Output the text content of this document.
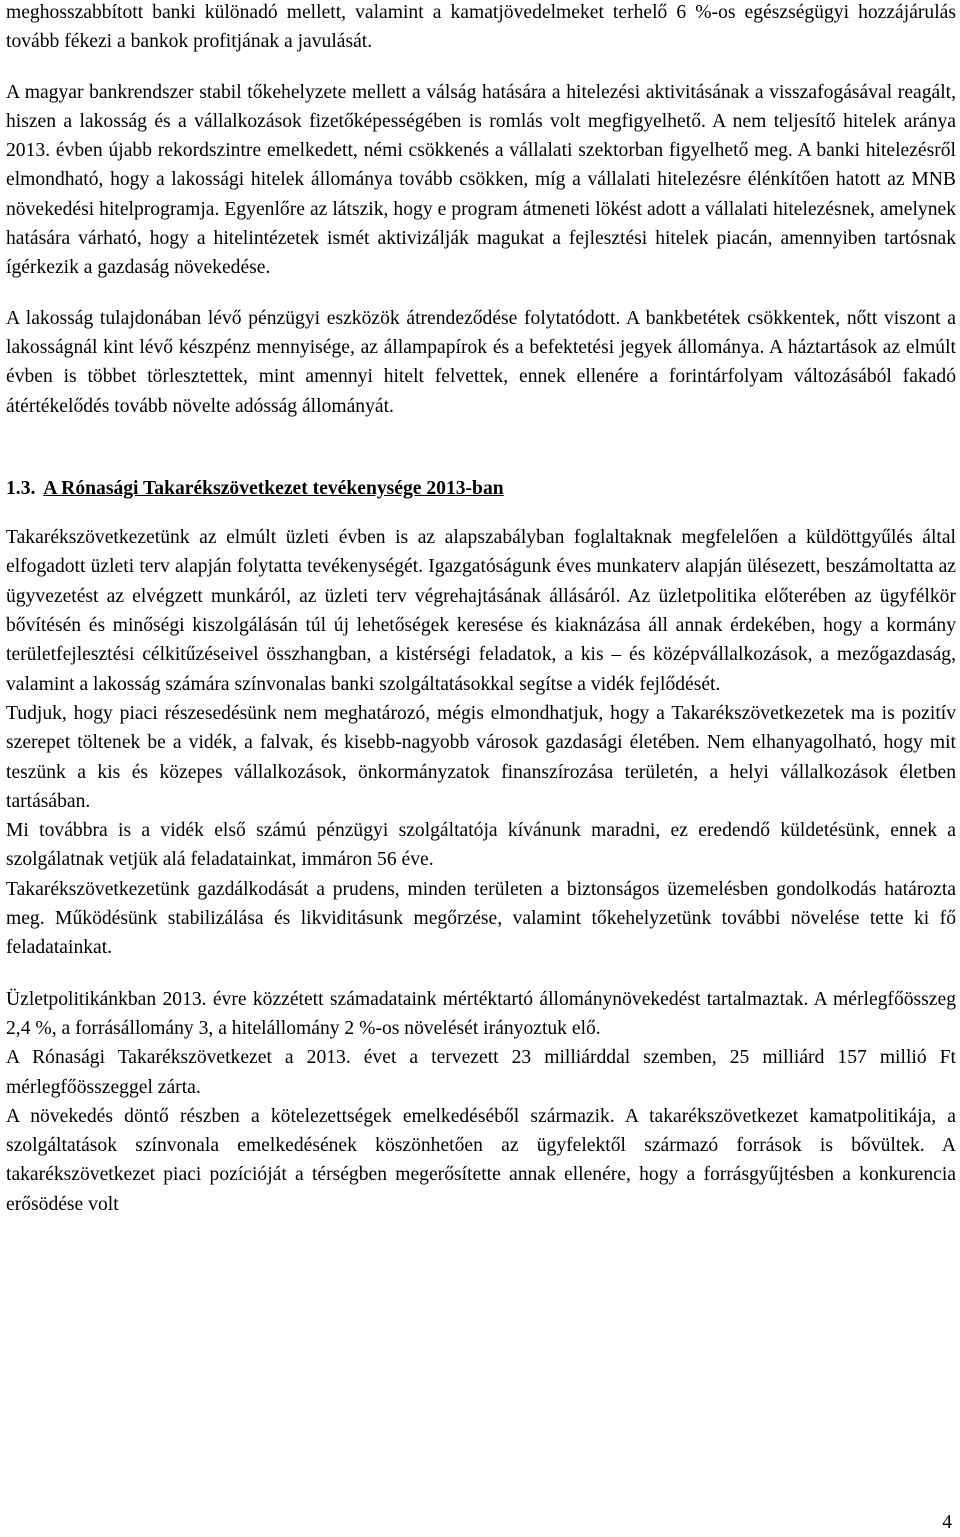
meghosszabbított banki különadó mellett, valamint a kamatjövedelmeket terhelő 6 %-os egészségügyi hozzájárulás tovább fékezi a bankok profitjának a javulását.

A magyar bankrendszer stabil tőkehelyzete mellett a válság hatására a hitelezési aktivitásának a visszafogásával reagált, hiszen a lakosság és a vállalkozások fizetőképességében is romlás volt megfigyelhető. A nem teljesítő hitelek aránya 2013. évben újabb rekordszintre emelkedett, némi csökkenés a vállalati szektorban figyelhető meg. A banki hitelezésről elmondható, hogy a lakossági hitelek állománya tovább csökken, míg a vállalati hitelezésre élénkítően hatott az MNB növekedési hitelprogramja. Egyenlőre az látszik, hogy e program átmeneti lökést adott a vállalati hitelezésnek, amelynek hatására várható, hogy a hitelintézetek ismét aktivizálják magukat a fejlesztési hitelek piacán, amennyiben tartósnak ígérkezik a gazdaság növekedése.

A lakosság tulajdonában lévő pénzügyi eszközök átrendeződése folytatódott. A bankbetétek csökkentek, nőtt viszont a lakosságnál kint lévő készpénz mennyisége, az állampapírok és a befektetési jegyek állománya. A háztartások az elmúlt évben is többet törlesztettek, mint amennyi hitelt felvettek, ennek ellenére a forintárfolyam változásából fakadó átértékelődés tovább növelte adósság állományát.

1.3. A Rónasági Takarékszövetkezet tevékenysége 2013-ban

Takarékszövetkezetünk az elmúlt üzleti évben is az alapszabályban foglaltaknak megfelelően a küldöttgyűlés által elfogadott üzleti terv alapján folytatta tevékenységét. Igazgatóságunk éves munkaterv alapján ülésezett, beszámoltatta az ügyvezetést az elvégzett munkáról, az üzleti terv végrehajtásának állásáról. Az üzletpolitika előterében az ügyfélkör bővítésén és minőségi kiszolgálásán túl új lehetőségek keresése és kiaknázása áll annak érdekében, hogy a kormány területfejlesztési célkitűzéseivel összhangban, a kistérségi feladatok, a kis – és középvállalkozások, a mezőgazdaság, valamint a lakosság számára színvonalas banki szolgáltatásokkal segítse a vidék fejlődését.

Tudjuk, hogy piaci részesedésünk nem meghatározó, mégis elmondhatjuk, hogy a Takarékszövetkezetek ma is pozitív szerepet töltenek be a vidék, a falvak, és kisebb-nagyobb városok gazdasági életében. Nem elhanyagolható, hogy mit teszünk a kis és közepes vállalkozások, önkormányzatok finanszírozása területén, a helyi vállalkozások életben tartásában.

Mi továbbra is a vidék első számú pénzügyi szolgáltatója kívánunk maradni, ez eredendő küldetésünk, ennek a szolgálatnak vetjük alá feladatainkat, immáron 56 éve.

Takarékszövetkezetünk gazdálkodását a prudens, minden területen a biztonságos üzemelésben gondolkodás határozta meg. Működésünk stabilizálása és likviditásunk megőrzése, valamint tőkehelyzetünk további növelése tette ki fő feladatainkat.

Üzletpolitikánkban 2013. évre közzétett számadataink mértéktartó állománynövekedést tartalmaztak. A mérlegfőösszeg 2,4 %, a forrásállomány 3, a hitelállomány 2 %-os növelését irányoztuk elő.

A Rónasági Takarékszövetkezet a 2013. évet a tervezett 23 milliárddal szemben, 25 milliárd 157 millió Ft mérlegfőösszeggel zárta.

A növekedés döntő részben a kötelezettségek emelkedéséből származik. A takarékszövetkezet kamatpolitikája, a szolgáltatások színvonala emelkedésének köszönhetően az ügyfelektől származó források is bővültek. A takarékszövetkezet piaci pozícióját a térségben megerősítette annak ellenére, hogy a forrásgyűjtésben a konkurencia erősödése volt

4
